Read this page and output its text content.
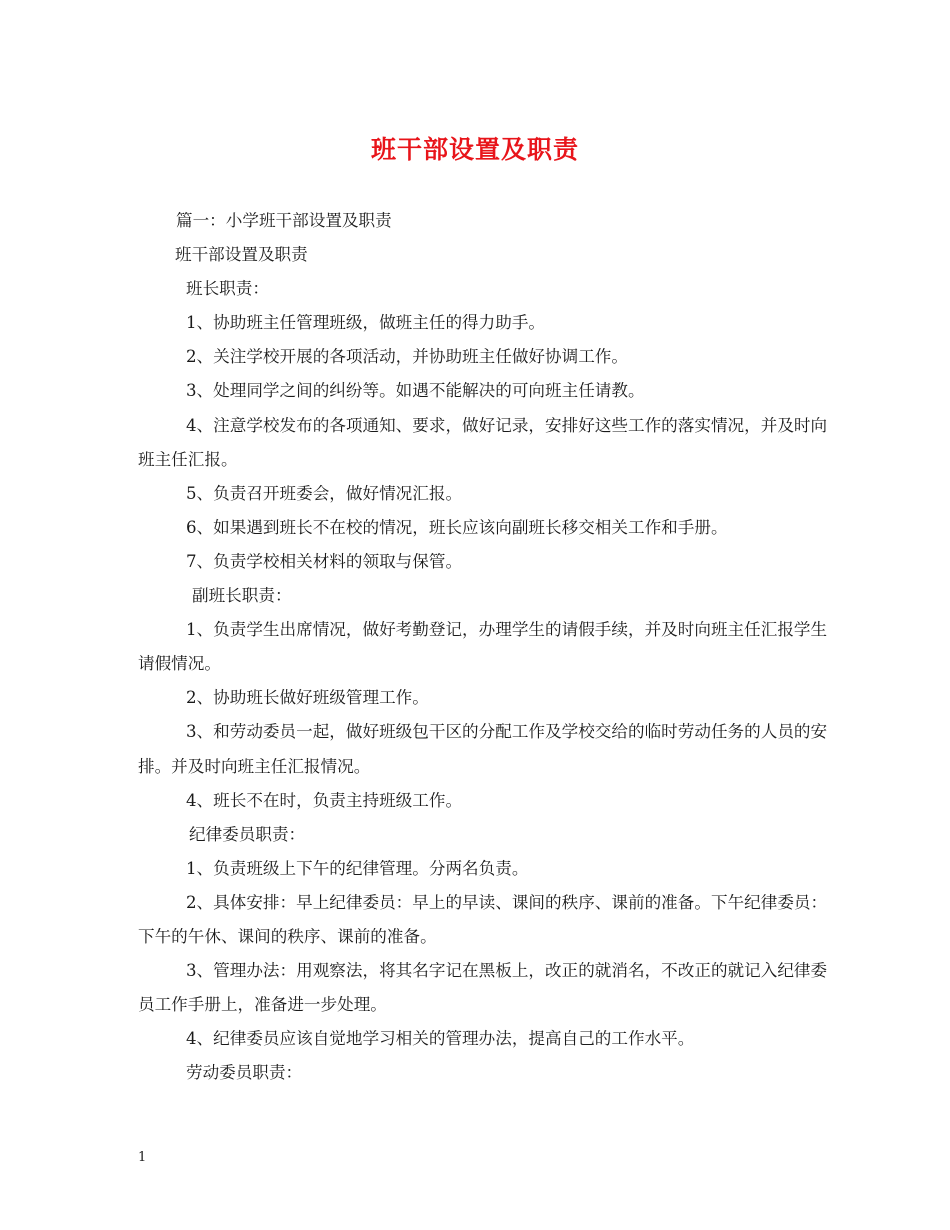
班干部设置及职责

篇一：小学班干部设置及职责

班干部设置及职责

班长职责：

1、协助班主任管理班级，做班主任的得力助手。

2、关注学校开展的各项活动，并协助班主任做好协调工作。

3、处理同学之间的纠纷等。如遇不能解决的可向班主任请教。

4、注意学校发布的各项通知、要求，做好记录，安排好这些工作的落实情况，并及时向班主任汇报。

5、负责召开班委会，做好情况汇报。

6、如果遇到班长不在校的情况，班长应该向副班长移交相关工作和手册。

7、负责学校相关材料的领取与保管。

副班长职责：

1、负责学生出席情况，做好考勤登记，办理学生的请假手续，并及时向班主任汇报学生请假情况。

2、协助班长做好班级管理工作。

3、和劳动委员一起，做好班级包干区的分配工作及学校交给的临时劳动任务的人员的安排。并及时向班主任汇报情况。

4、班长不在时，负责主持班级工作。

纪律委员职责：

1、负责班级上下午的纪律管理。分两名负责。

2、具体安排：早上纪律委员：早上的早读、课间的秩序、课前的准备。下午纪律委员：下午的午休、课间的秩序、课前的准备。

3、管理办法：用观察法，将其名字记在黑板上，改正的就消名，不改正的就记入纪律委员工作手册上，准备进一步处理。

4、纪律委员应该自觉地学习相关的管理办法，提高自己的工作水平。

劳动委员职责：

1
